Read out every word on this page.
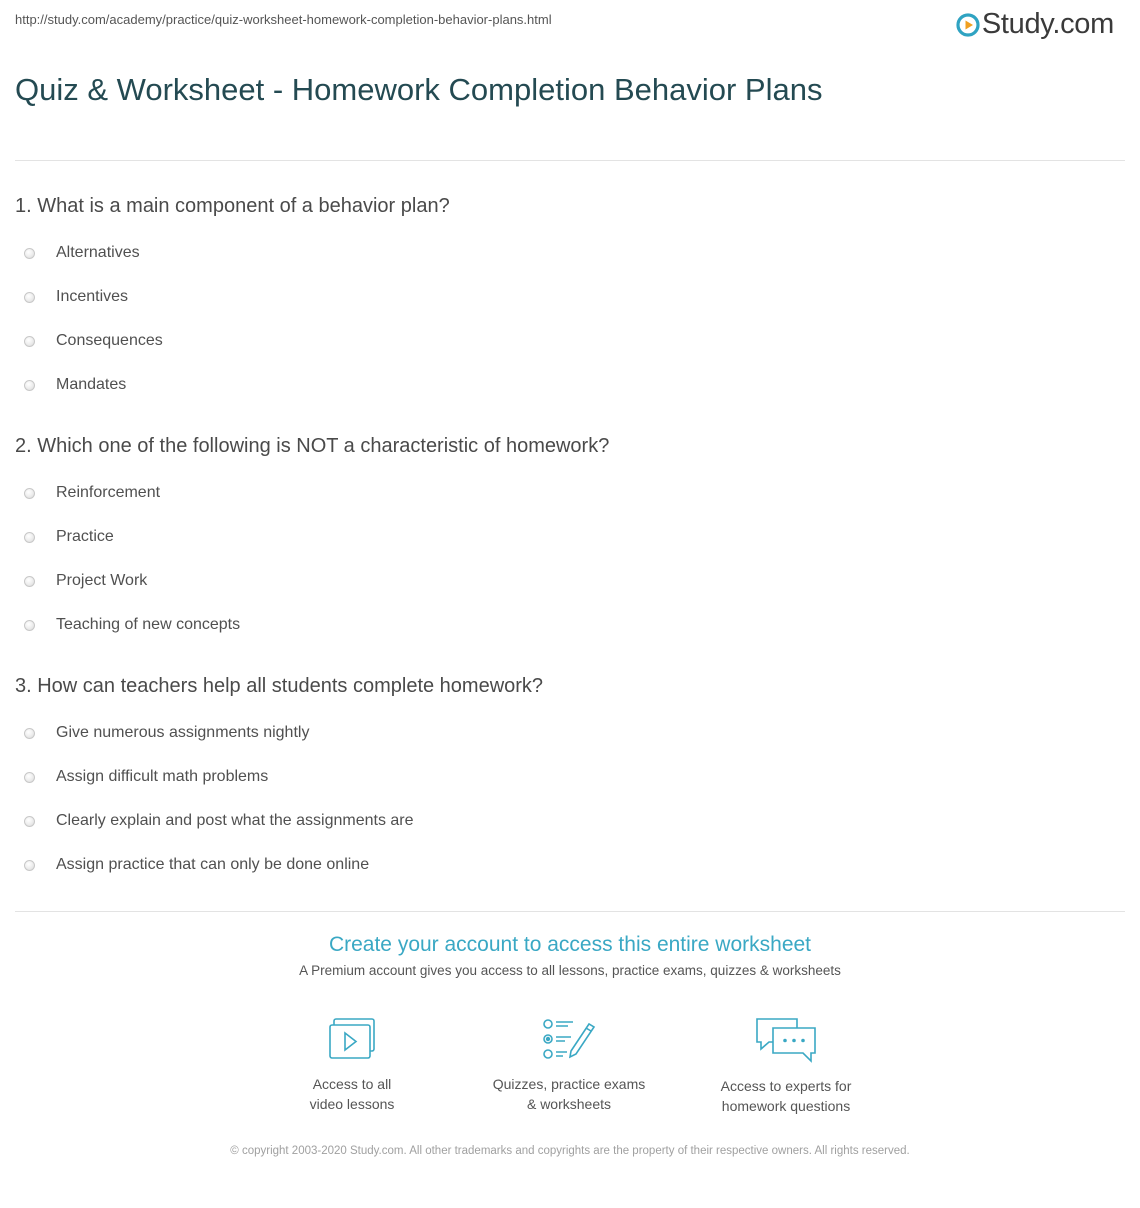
http://study.com/academy/practice/quiz-worksheet-homework-completion-behavior-plans.html	Study.com
Quiz & Worksheet - Homework Completion Behavior Plans
1. What is a main component of a behavior plan?
Alternatives
Incentives
Consequences
Mandates
2. Which one of the following is NOT a characteristic of homework?
Reinforcement
Practice
Project Work
Teaching of new concepts
3. How can teachers help all students complete homework?
Give numerous assignments nightly
Assign difficult math problems
Clearly explain and post what the assignments are
Assign practice that can only be done online
Create your account to access this entire worksheet
A Premium account gives you access to all lessons, practice exams, quizzes & worksheets
Access to all
video lessons
Quizzes, practice exams
& worksheets
Access to experts for
homework questions
© copyright 2003-2020 Study.com. All other trademarks and copyrights are the property of their respective owners. All rights reserved.
